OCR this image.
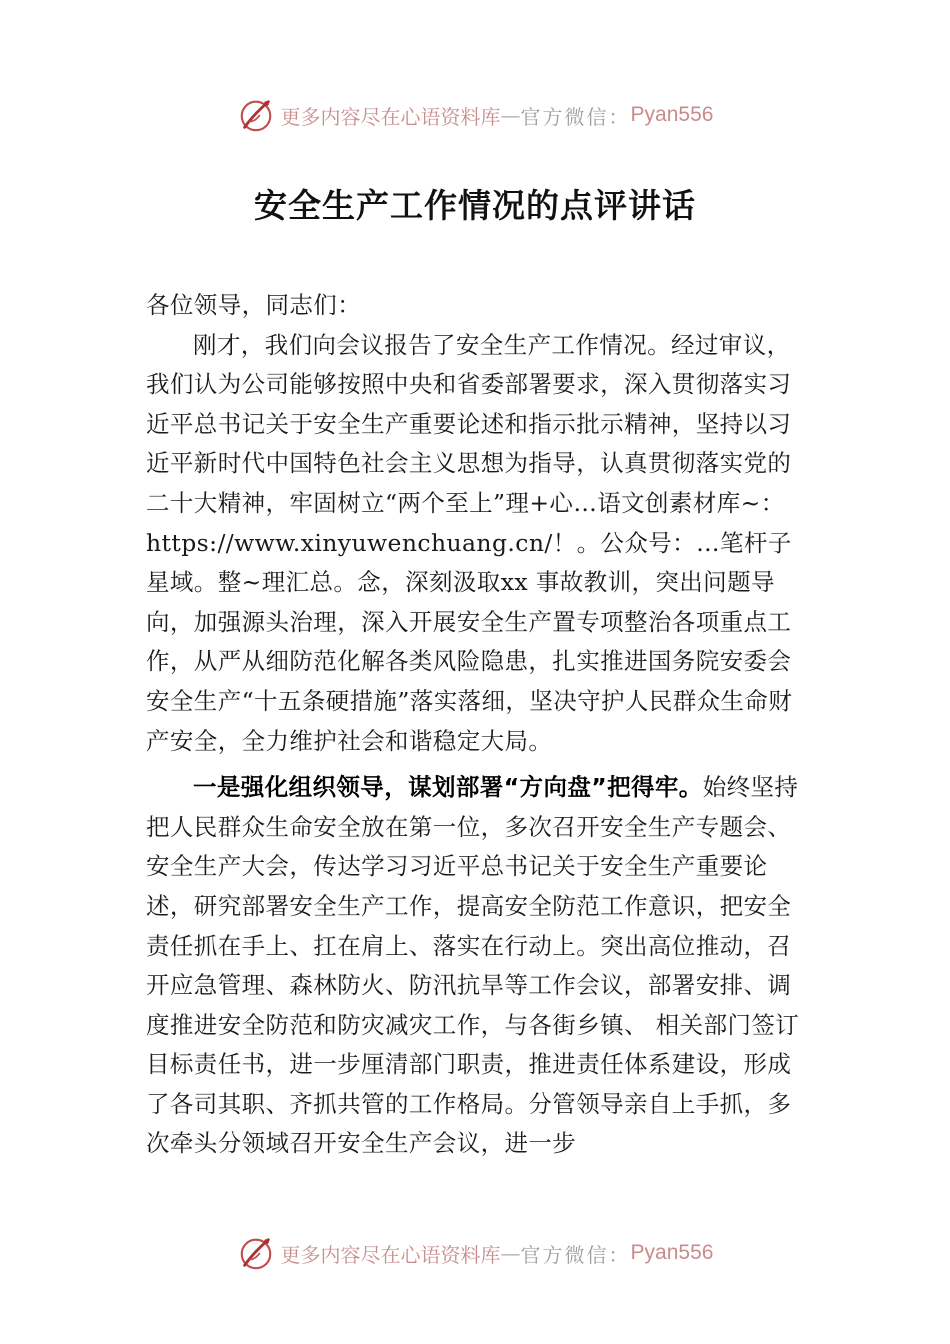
更多内容尽在心语资料库 — 官方微信： Pyan556
安全生产工作情况的点评讲话

各位领导，同志们：

刚才，我们向会议报告了安全生产工作情况。经过审议， 我们认为公司能够按照中央和省委部署要求，深入贯彻落实习近平总书记关于安全生产重要论述和指示批示精神，坚持以习近平新时代中国特色社会主义思想为指导，认真贯彻落实党的二十大精神，牢固树立“两个至上”理+心…语文创素材库~：https://www.xinyuwenchuang.cn/！。公众号：…笔杆子星域。整~理汇总。念，深刻汲取xx 事故教训，突出问题导向，加强源头治理，深入开展安全生产置专项整治各项重点工作，从严从细防范化解各类风险隐患，扎实推进国务院安委会安全生产“十五条硬措施”落实落细，坚决守护人民群众生命财产安全，全力维护社会和谐稳定大局。

一是强化组织领导，谋划部署“方向盘”把得牢。始终坚持把人民群众生命安全放在第一位，多次召开安全生产专题会、安全生产大会，传达学习习近平总书记关于安全生产重要论述，研究部署安全生产工作，提高安全防范工作意识，把安全责任抓在手上、扛在肩上、落实在行动上。突出高位推动，召开应急管理、森林防火、防汛抗旱等工作会议，部署安排、调度推进安全防范和防灾减灾工作，与各街乡镇、 相关部门签订目标责任书，进一步厘清部门职责，推进责任体系建设，形成了各司其职、齐抓共管的工作格局。分管领导亲自上手抓，多次牵头分领域召开安全生产会议，进一步

更多内容尽在心语资料库 — 官方微信： Pyan556
